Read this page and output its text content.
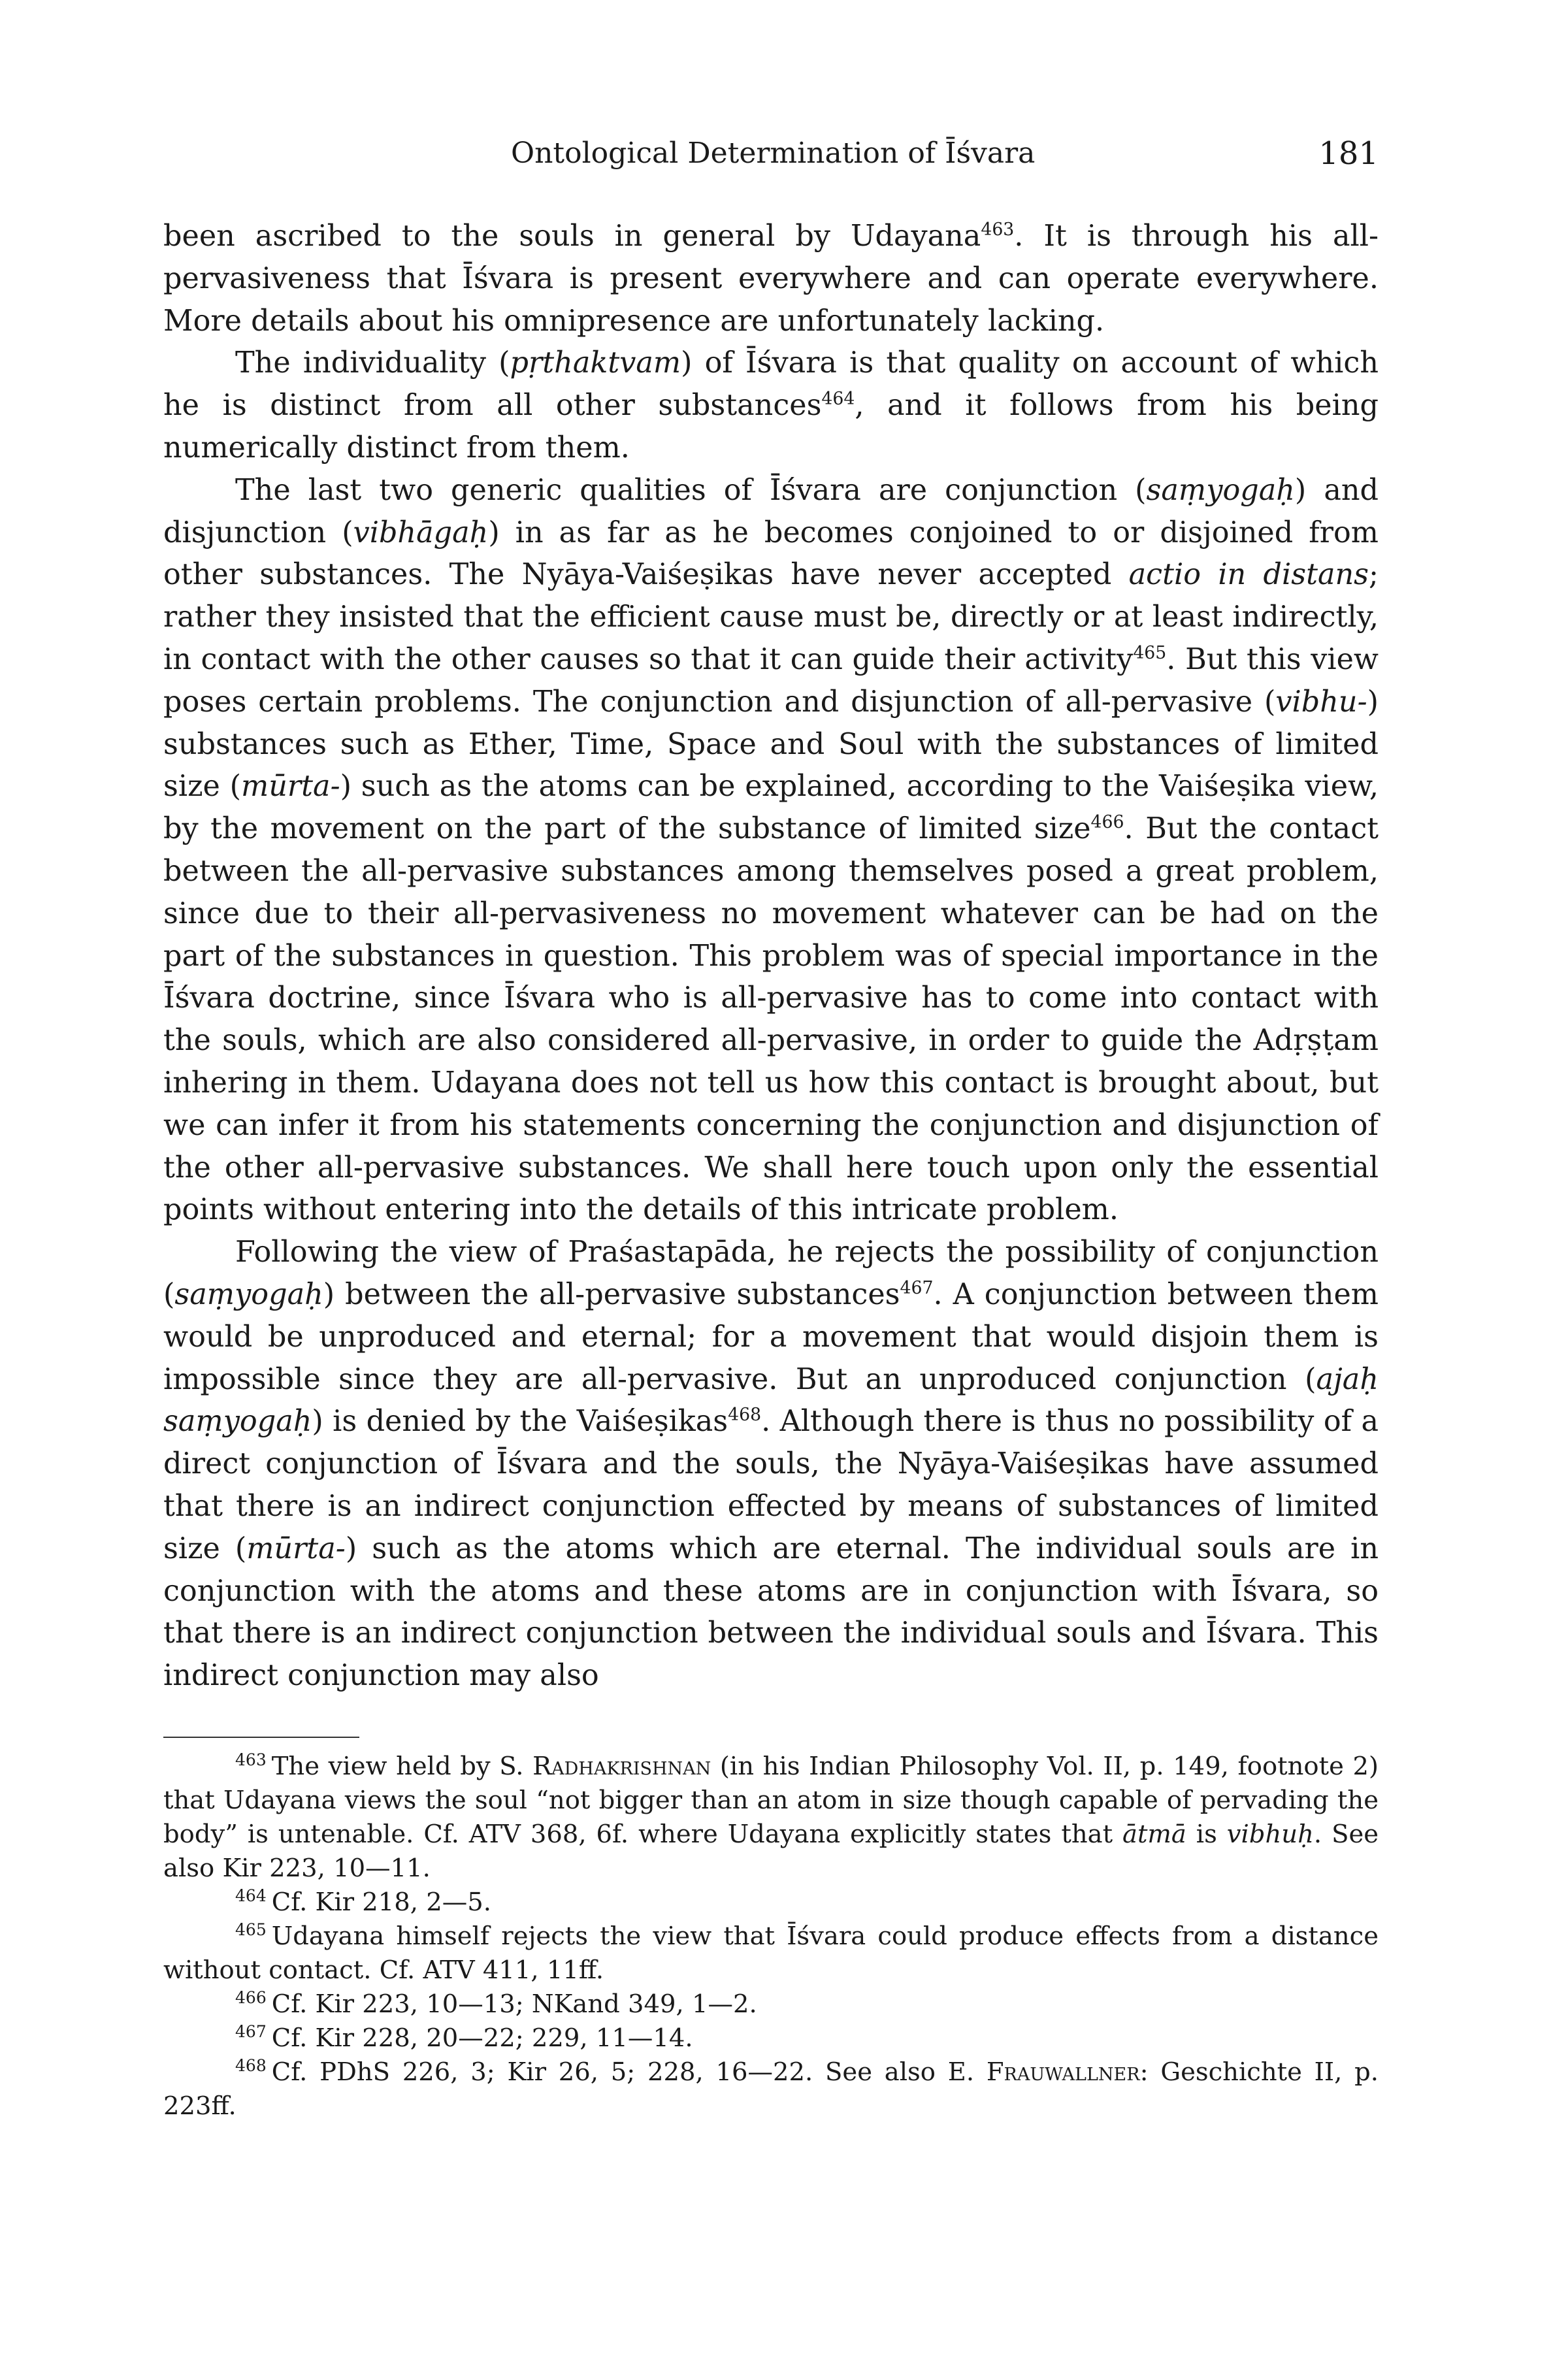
Ontological Determination of Īśvara	181

been ascribed to the souls in general by Udayana$^{463}$. It is through his all-pervasiveness that Īśvara is present everywhere and can operate everywhere. More details about his omnipresence are unfortunately lacking.

The individuality (pṛthaktvam) of Īśvara is that quality on account of which he is distinct from all other substances$^{464}$, and it follows from his being numerically distinct from them.

The last two generic qualities of Īśvara are conjunction (saṃyogaḥ) and disjunction (vibhāgaḥ) in as far as he becomes conjoined to or disjoined from other substances. The Nyāya-Vaiśeṣikas have never accepted actio in distans; rather they insisted that the efficient cause must be, directly or at least indirectly, in contact with the other causes so that it can guide their activity$^{465}$. But this view poses certain problems. The conjunction and disjunction of all-pervasive (vibhu-) substances such as Ether, Time, Space and Soul with the substances of limited size (mūrta-) such as the atoms can be explained, according to the Vaiśeṣika view, by the movement on the part of the substance of limited size$^{466}$. But the contact between the all-pervasive substances among themselves posed a great problem, since due to their all-pervasiveness no movement whatever can be had on the part of the substances in question. This problem was of special importance in the Īśvara doctrine, since Īśvara who is all-pervasive has to come into contact with the souls, which are also considered all-pervasive, in order to guide the Adṛṣṭam inhering in them. Udayana does not tell us how this contact is brought about, but we can infer it from his statements concerning the conjunction and disjunction of the other all-pervasive substances. We shall here touch upon only the essential points without entering into the details of this intricate problem.

Following the view of Praśastapāda, he rejects the possibility of conjunction (saṃyogaḥ) between the all-pervasive substances$^{467}$. A conjunction between them would be unproduced and eternal; for a movement that would disjoin them is impossible since they are all-pervasive. But an unproduced conjunction (ajaḥ saṃyogaḥ) is denied by the Vaiśeṣikas$^{468}$. Although there is thus no possibility of a direct conjunction of Īśvara and the souls, the Nyāya-Vaiśeṣikas have assumed that there is an indirect conjunction effected by means of substances of limited size (mūrta-) such as the atoms which are eternal. The individual souls are in conjunction with the atoms and these atoms are in conjunction with Īśvara, so that there is an indirect conjunction between the individual souls and Īśvara. This indirect conjunction may also

$^{463}$ The view held by S. Radhakrishnan (in his Indian Philosophy Vol. II, p. 149, footnote 2) that Udayana views the soul “not bigger than an atom in size though capable of pervading the body” is untenable. Cf. ATV 368, 6f. where Udayana explicitly states that ātmā is vibhuḥ. See also Kir 223, 10—11.

$^{464}$ Cf. Kir 218, 2—5.

$^{465}$ Udayana himself rejects the view that Īśvara could produce effects from a distance without contact. Cf. ATV 411, 11ff.

$^{466}$ Cf. Kir 223, 10—13; NKand 349, 1—2.

$^{467}$ Cf. Kir 228, 20—22; 229, 11—14.

$^{468}$ Cf. PDhS 226, 3; Kir 26, 5; 228, 16—22. See also E. Frauwallner: Geschichte II, p. 223ff.
